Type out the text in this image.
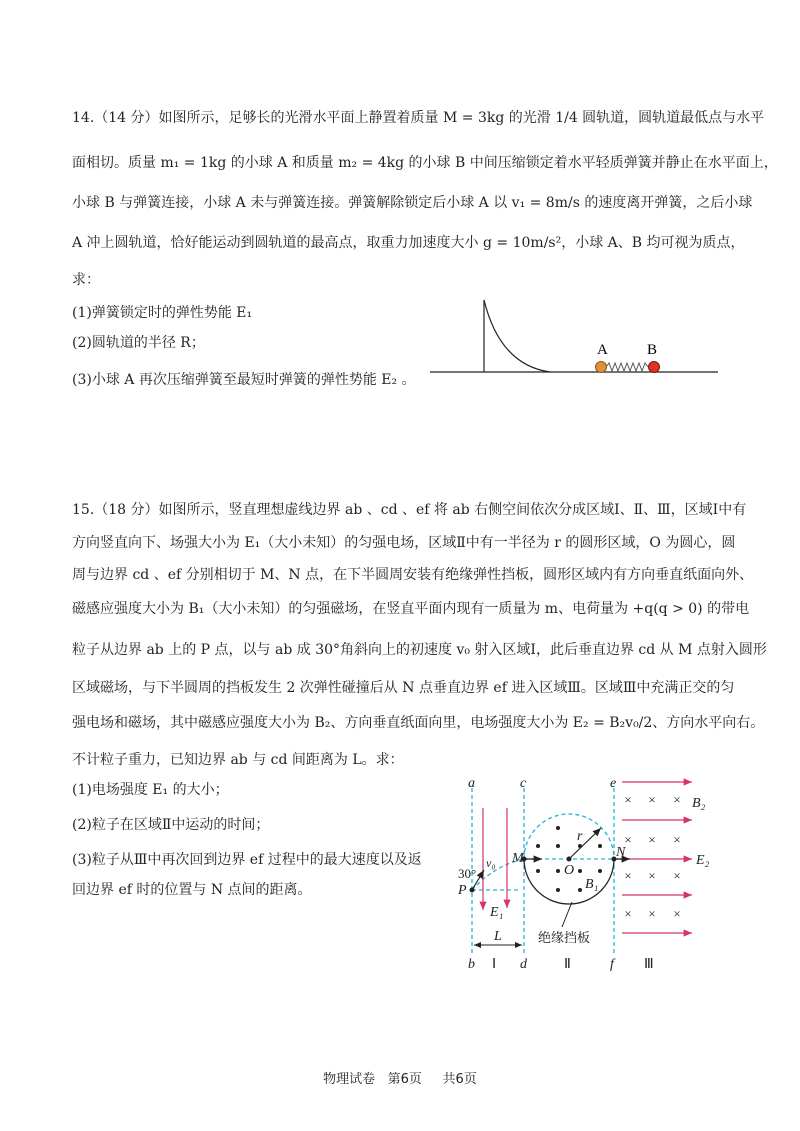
14.（14 分）如图所示，足够长的光滑水平面上静置着质量 M = 3kg 的光滑 1/4 圆轨道，圆轨道最低点与水平
面相切。质量 m₁ = 1kg 的小球 A 和质量 m₂ = 4kg 的小球 B 中间压缩锁定着水平轻质弹簧并静止在水平面上，
小球 B 与弹簧连接，小球 A 未与弹簧连接。弹簧解除锁定后小球 A 以 v₁ = 8m/s 的速度离开弹簧，之后小球
A 冲上圆轨道，恰好能运动到圆轨道的最高点，取重力加速度大小 g = 10m/s²，小球 A、B 均可视为质点，
求：
(1)弹簧锁定时的弹性势能 E₁
(2)圆轨道的半径 R；
(3)小球 A 再次压缩弹簧至最短时弹簧的弹性势能 E₂ 。
A	B
15.（18 分）如图所示，竖直理想虚线边界 ab 、cd 、ef 将 ab 右侧空间依次分成区域Ⅰ、Ⅱ、Ⅲ，区域Ⅰ中有
方向竖直向下、场强大小为 E₁（大小未知）的匀强电场，区域Ⅱ中有一半径为 r 的圆形区域，O 为圆心，圆
周与边界 cd 、ef 分别相切于 M、N 点，在下半圆周安装有绝缘弹性挡板，圆形区域内有方向垂直纸面向外、
磁感应强度大小为 B₁（大小未知）的匀强磁场，在竖直平面内现有一质量为 m、电荷量为 +q(q > 0) 的带电
粒子从边界 ab 上的 P 点，以与 ab 成 30°角斜向上的初速度 v₀ 射入区域Ⅰ，此后垂直边界 cd 从 M 点射入圆形
区域磁场，与下半圆周的挡板发生 2 次弹性碰撞后从 N 点垂直边界 ef 进入区域Ⅲ。区域Ⅲ中充满正交的匀
强电场和磁场，其中磁感应强度大小为 B₂、方向垂直纸面向里，电场强度大小为 E₂ = B₂v₀/2、方向水平向右。
不计粒子重力，已知边界 ab 与 cd 间距离为 L。求：
(1)电场强度 E₁ 的大小；
(2)粒子在区域Ⅱ中运动的时间；
(3)粒子从Ⅲ中再次回到边界 ef 过程中的最大速度以及返
回边界 ef 时的位置与 N 点间的距离。
× × ×
× × ×
× × ×
× × ×
a	c	e
b	d	f
M	N
O
P
r
v₀
30°
E₁
E₂
B₁
B₂
L
Ⅰ	Ⅱ	Ⅲ
绝缘挡板
物理试卷 第6页 共6页
